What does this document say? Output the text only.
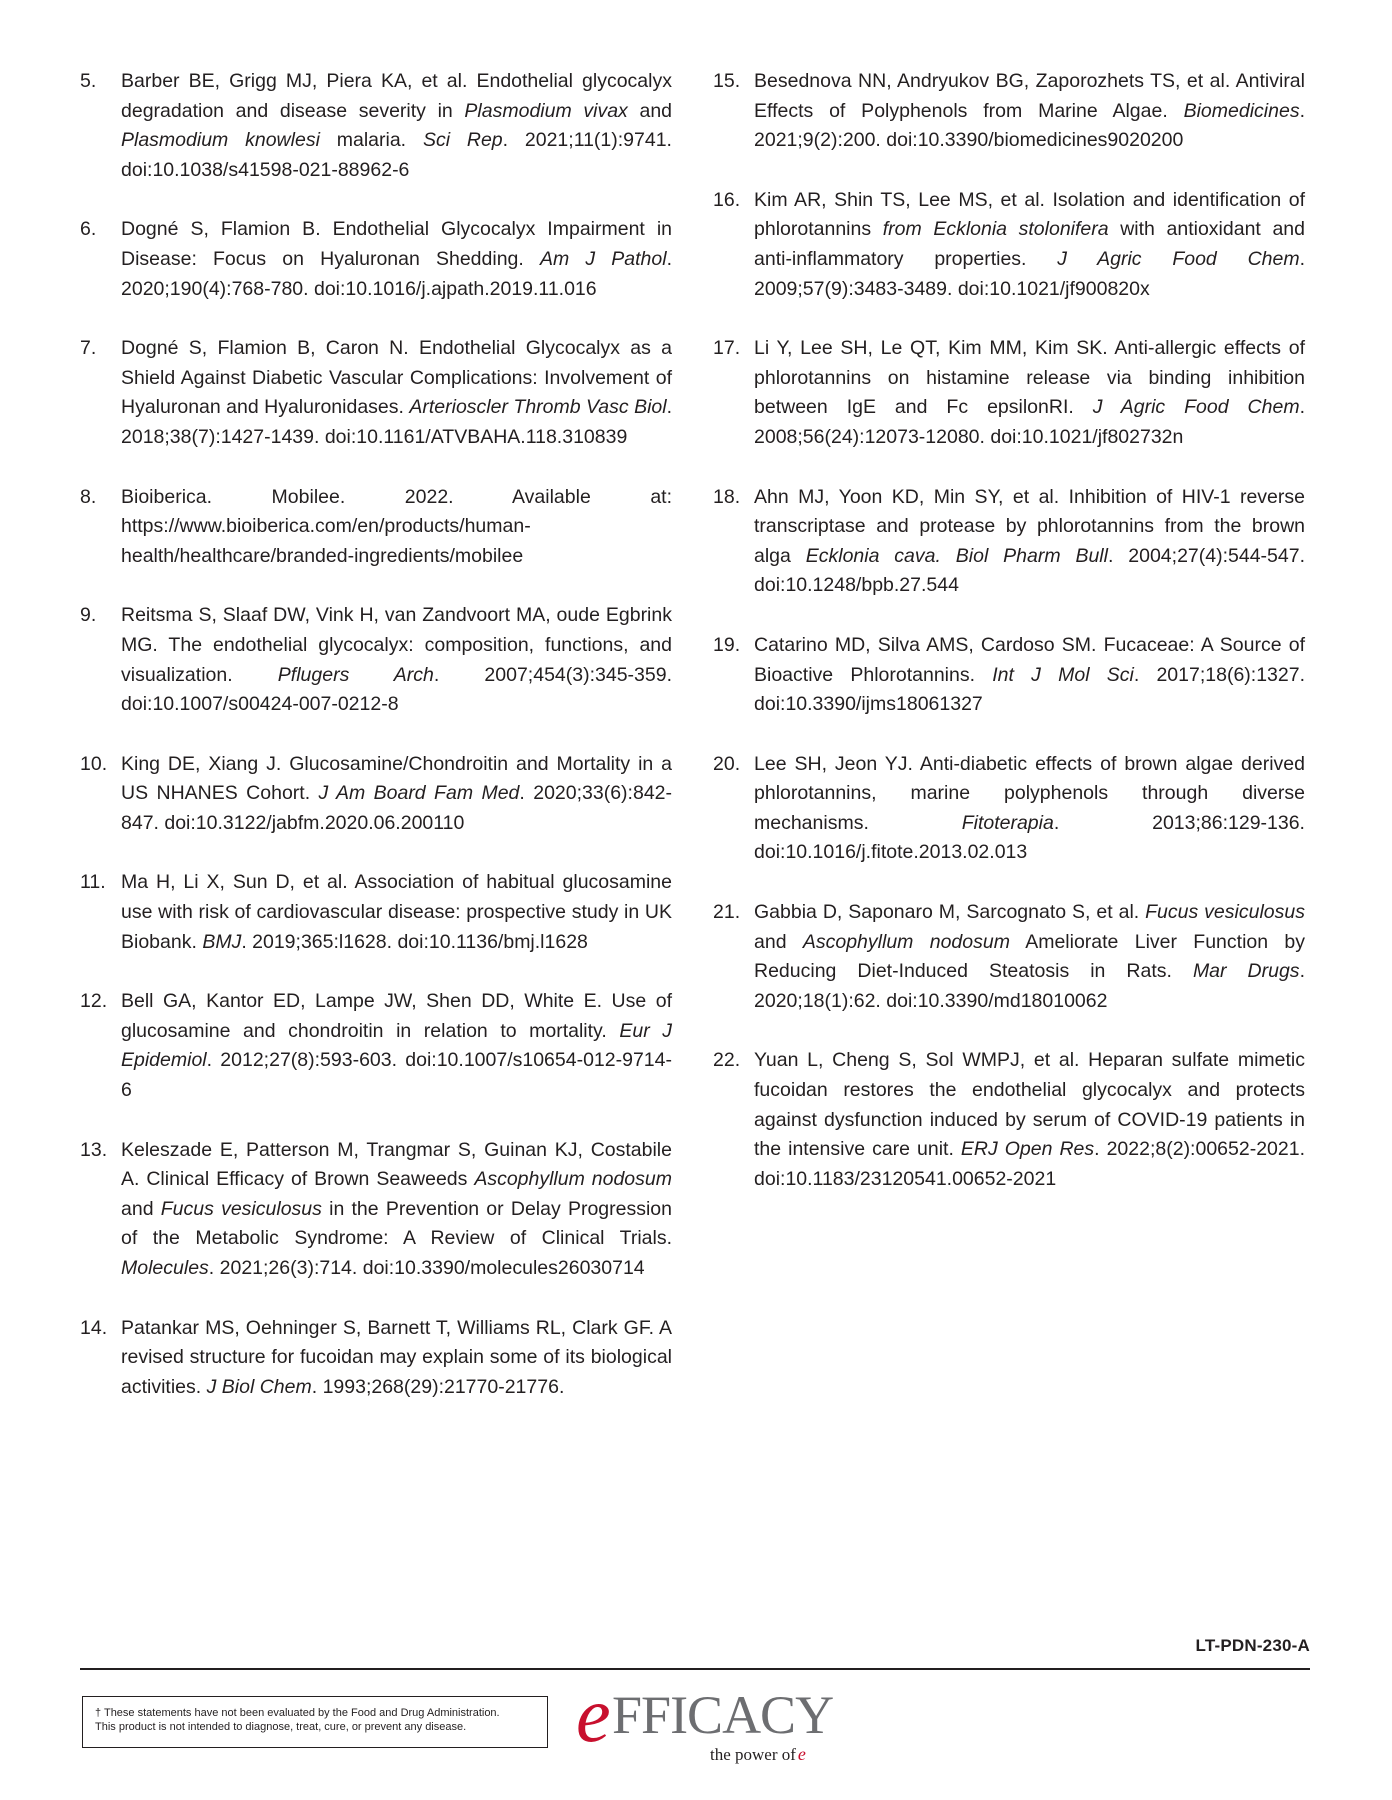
5.	Barber BE, Grigg MJ, Piera KA, et al. Endothelial glycocalyx degradation and disease severity in Plasmodium vivax and Plasmodium knowlesi malaria. Sci Rep. 2021;11(1):9741. doi:10.1038/s41598-021-88962-6
6.	Dogné S, Flamion B. Endothelial Glycocalyx Impairment in Disease: Focus on Hyaluronan Shedding. Am J Pathol. 2020;190(4):768-780. doi:10.1016/j.ajpath.2019.11.016
7.	Dogné S, Flamion B, Caron N. Endothelial Glycocalyx as a Shield Against Diabetic Vascular Complications: Involvement of Hyaluronan and Hyaluronidases. Arterioscler Thromb Vasc Biol. 2018;38(7):1427-1439. doi:10.1161/ATVBAHA.118.310839
8.	Bioiberica. Mobilee. 2022. Available at: https://www.bioiberica.com/en/products/human-health/healthcare/branded-ingredients/mobilee
9.	Reitsma S, Slaaf DW, Vink H, van Zandvoort MA, oude Egbrink MG. The endothelial glycocalyx: composition, functions, and visualization. Pflugers Arch. 2007;454(3):345-359. doi:10.1007/s00424-007-0212-8
10. King DE, Xiang J. Glucosamine/Chondroitin and Mortality in a US NHANES Cohort. J Am Board Fam Med. 2020;33(6):842-847. doi:10.3122/jabfm.2020.06.200110
11. Ma H, Li X, Sun D, et al. Association of habitual glucosamine use with risk of cardiovascular disease: prospective study in UK Biobank. BMJ. 2019;365:l1628. doi:10.1136/bmj.l1628
12. Bell GA, Kantor ED, Lampe JW, Shen DD, White E. Use of glucosamine and chondroitin in relation to mortality. Eur J Epidemiol. 2012;27(8):593-603. doi:10.1007/s10654-012-9714-6
13. Keleszade E, Patterson M, Trangmar S, Guinan KJ, Costabile A. Clinical Efficacy of Brown Seaweeds Ascophyllum nodosum and Fucus vesiculosus in the Prevention or Delay Progression of the Metabolic Syndrome: A Review of Clinical Trials. Molecules. 2021;26(3):714. doi:10.3390/molecules26030714
14. Patankar MS, Oehninger S, Barnett T, Williams RL, Clark GF. A revised structure for fucoidan may explain some of its biological activities. J Biol Chem. 1993;268(29):21770-21776.
15. Besednova NN, Andryukov BG, Zaporozhets TS, et al. Antiviral Effects of Polyphenols from Marine Algae. Biomedicines. 2021;9(2):200. doi:10.3390/biomedicines9020200
16. Kim AR, Shin TS, Lee MS, et al. Isolation and identification of phlorotannins from Ecklonia stolonifera with antioxidant and anti-inflammatory properties. J Agric Food Chem. 2009;57(9):3483-3489. doi:10.1021/jf900820x
17. Li Y, Lee SH, Le QT, Kim MM, Kim SK. Anti-allergic effects of phlorotannins on histamine release via binding inhibition between IgE and Fc epsilonRI. J Agric Food Chem. 2008;56(24):12073-12080. doi:10.1021/jf802732n
18. Ahn MJ, Yoon KD, Min SY, et al. Inhibition of HIV-1 reverse transcriptase and protease by phlorotannins from the brown alga Ecklonia cava. Biol Pharm Bull. 2004;27(4):544-547. doi:10.1248/bpb.27.544
19. Catarino MD, Silva AMS, Cardoso SM. Fucaceae: A Source of Bioactive Phlorotannins. Int J Mol Sci. 2017;18(6):1327. doi:10.3390/ijms18061327
20. Lee SH, Jeon YJ. Anti-diabetic effects of brown algae derived phlorotannins, marine polyphenols through diverse mechanisms. Fitoterapia. 2013;86:129-136. doi:10.1016/j.fitote.2013.02.013
21. Gabbia D, Saponaro M, Sarcognato S, et al. Fucus vesiculosus and Ascophyllum nodosum Ameliorate Liver Function by Reducing Diet-Induced Steatosis in Rats. Mar Drugs. 2020;18(1):62. doi:10.3390/md18010062
22. Yuan L, Cheng S, Sol WMPJ, et al. Heparan sulfate mimetic fucoidan restores the endothelial glycocalyx and protects against dysfunction induced by serum of COVID-19 patients in the intensive care unit. ERJ Open Res. 2022;8(2):00652-2021. doi:10.1183/23120541.00652-2021
LT-PDN-230-A
† These statements have not been evaluated by the Food and Drug Administration.
This product is not intended to diagnose, treat, cure, or prevent any disease.	e FFICACY
the power of e
